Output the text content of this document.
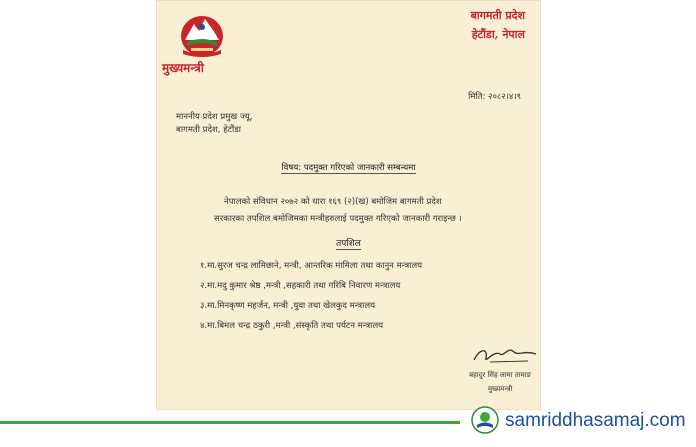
मुख्यमन्त्री
बागमती प्रदेश
हेटौंडा, नेपाल
मिति: २०८२।४।९
माननीय प्रदेश प्रमुख ज्यू,
बागमती प्रदेश, हेटौंडा
विषय: पदमुक्त गरिएको जानकारी सम्बन्धमा
नेपालको संविधान २०७२ को धारा १६९ (२)(ख) बमोजिम बागमती प्रदेश
सरकारका तपशिल बमोजिमका मन्त्रीहरुलाई पदमुक्त गरिएको जानकारी गराइन्छ ।
तपशिल
१.मा.सुरज चन्द्र लामिछाने, मन्त्री, आन्तरिक मामिला तथा कानुन मन्त्रालय
२.मा.मदु कुमार श्रेष्ठ ,मन्त्री ,सहकारी तथा गरिबि निवारण मन्त्रालय
३.मा.मिनकृष्ण महर्जन, मन्त्री ,युवा तथा खेलकुद मन्त्रालय
४.मा.बिमल चन्द्र ठकुरी ,मन्त्री ,संस्कृति तथा पर्यटन मन्त्रालय
बहादुर सिंह लामा तामाङ
मुख्यमन्त्री
samriddhasamaj.com
